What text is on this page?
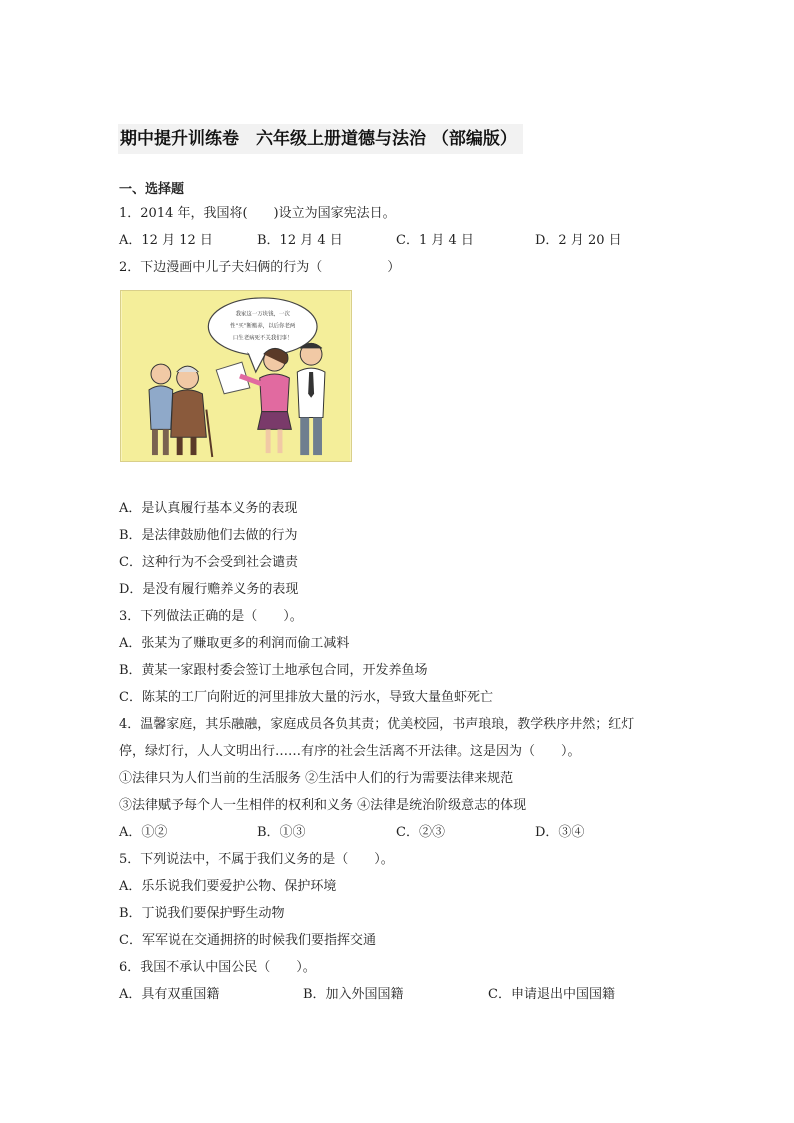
期中提升训练卷　六年级上册道德与法治 （部编版）
一、选择题
1．2014 年，我国将(　　)设立为国家宪法日。
A．12 月 12 日	B．12 月 4 日	C．1 月 4 日	D．2 月 20 日
2．下边漫画中儿子夫妇俩的行为（　　　　　）
我家这一万块钱，一次
性“买”断赡养，以后你老两
口生老病死不关我们事！
A．是认真履行基本义务的表现
B．是法律鼓励他们去做的行为
C．这种行为不会受到社会谴责
D．是没有履行赡养义务的表现
3．下列做法正确的是（　　）。
A．张某为了赚取更多的利润而偷工减料
B．黄某一家跟村委会签订土地承包合同，开发养鱼场
C．陈某的工厂向附近的河里排放大量的污水，导致大量鱼虾死亡
4．温馨家庭，其乐融融，家庭成员各负其责；优美校园，书声琅琅，教学秩序井然；红灯
停，绿灯行，人人文明出行……有序的社会生活离不开法律。这是因为（　　）。
①法律只为人们当前的生活服务 ②生活中人们的行为需要法律来规范
③法律赋予每个人一生相伴的权利和义务 ④法律是统治阶级意志的体现
A．①②	B．①③	C．②③	D．③④
5．下列说法中，不属于我们义务的是（　　）。
A．乐乐说我们要爱护公物、保护环境
B．丁说我们要保护野生动物
C．军军说在交通拥挤的时候我们要指挥交通
6．我国不承认中国公民（　　）。
A．具有双重国籍	B．加入外国国籍	C．申请退出中国国籍
